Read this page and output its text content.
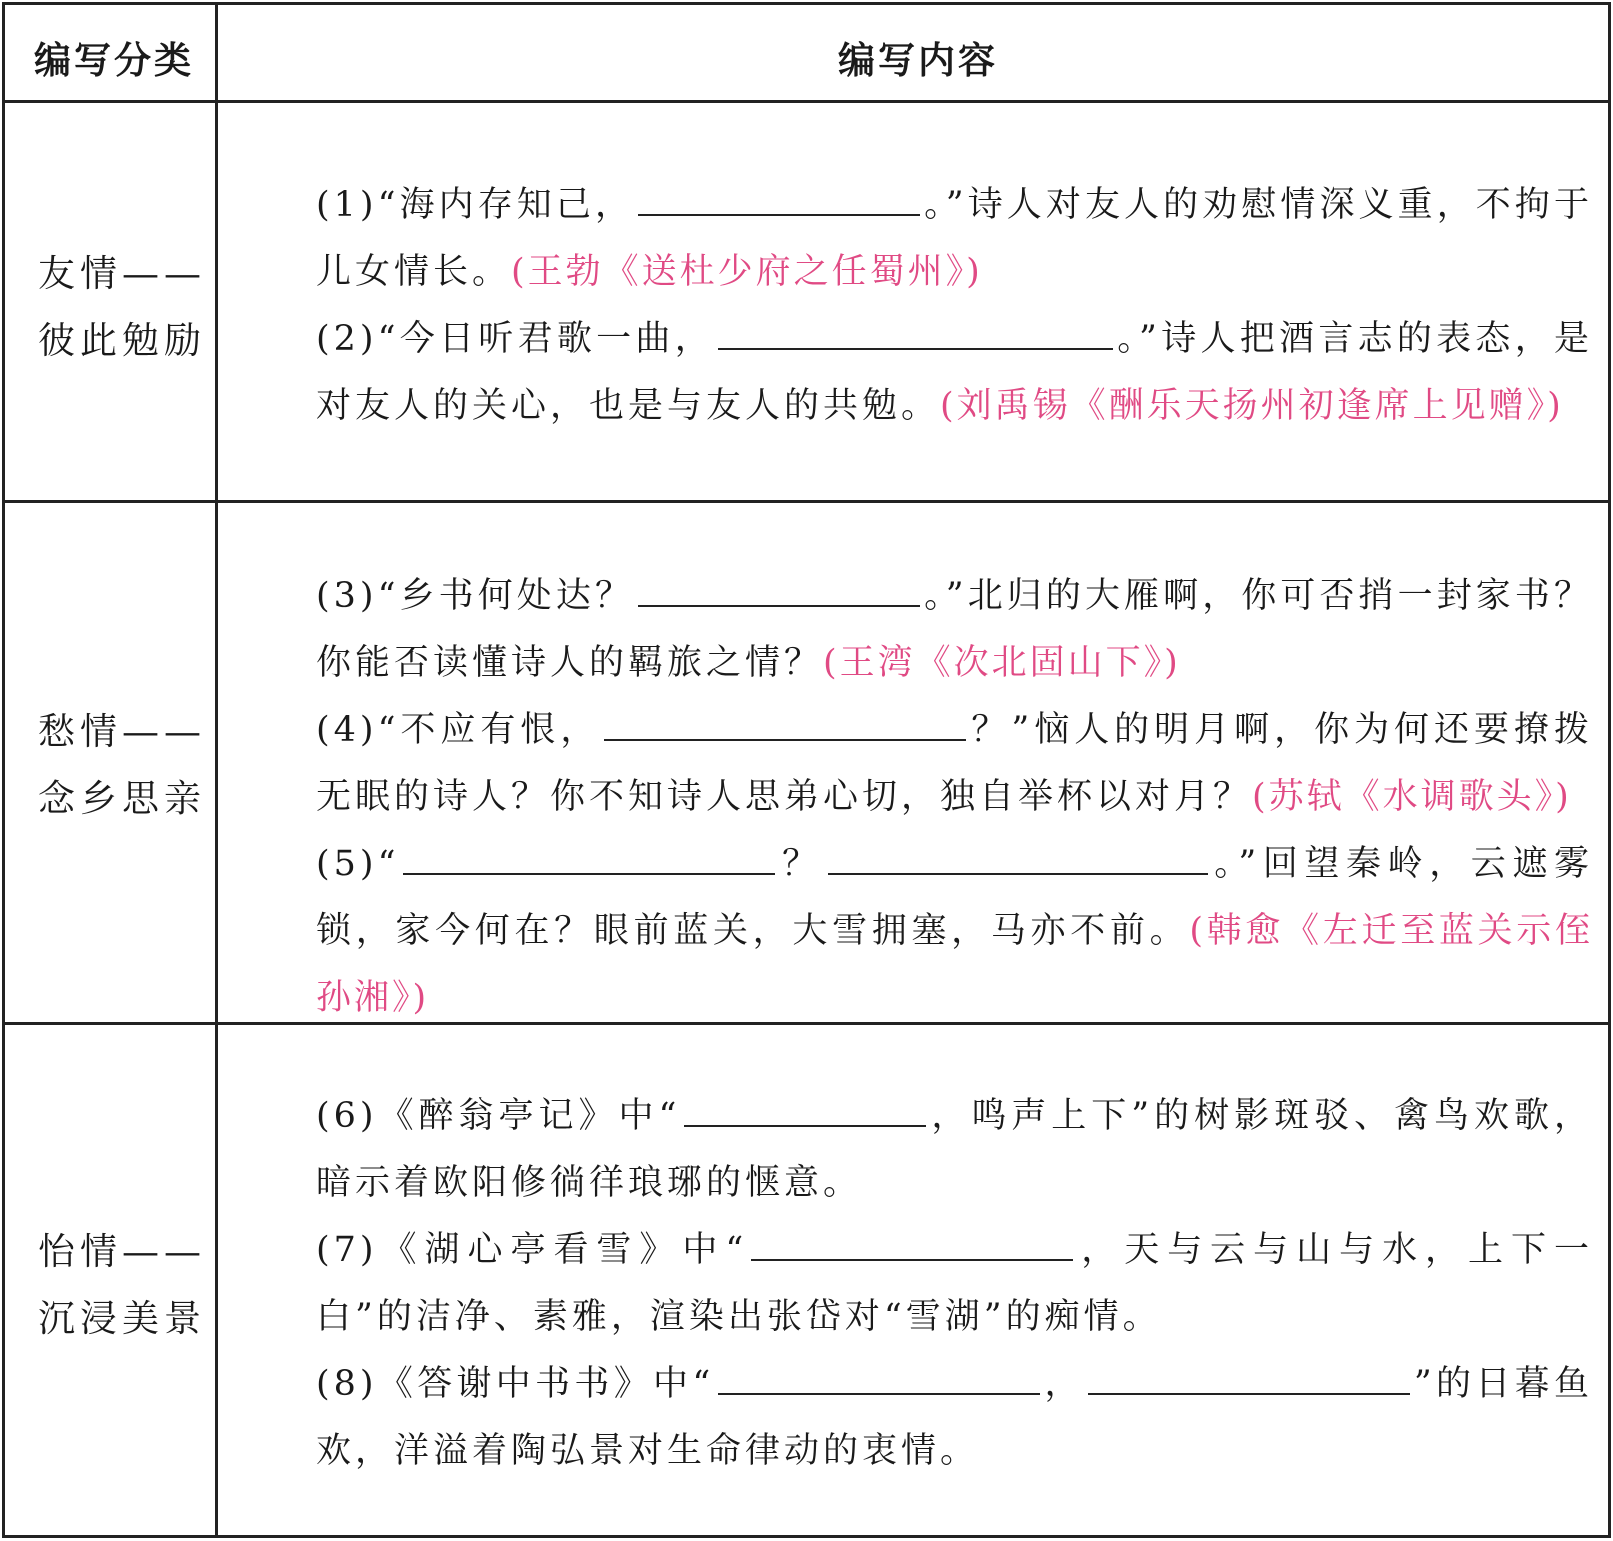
编写分类	编写内容
友情——
彼此勉励

(1)“海内存知己，	。”诗人对友人的劝慰情深义重，不拘于儿女情长。(王勃《送杜少府之任蜀州》)

(2)“今日听君歌一曲，	。”诗人把酒言志的表态，是对友人的关心，也是与友人的共勉。(刘禹锡《酬乐天扬州初逢席上见赠》)

愁情——
念乡思亲

(3)“乡书何处达？	。”北归的大雁啊，你可否捎一封家书？你能否读懂诗人的羁旅之情？(王湾《次北固山下》)

(4)“不应有恨，	？”恼人的明月啊，你为何还要撩拨无眠的诗人？你不知诗人思弟心切，独自举杯以对月？(苏轼《水调歌头》)

(5)“	？	。”回望秦岭，云遮雾锁，家今何在？眼前蓝关，大雪拥塞，马亦不前。(韩愈《左迁至蓝关示侄孙湘》)

怡情——
沉浸美景

(6)《醉翁亭记》中“	，鸣声上下”的树影斑驳、禽鸟欢歌，暗示着欧阳修徜徉琅琊的惬意。

(7)《湖心亭看雪》中“	，天与云与山与水，上下一白”的洁净、素雅，渲染出张岱对“雪湖”的痴情。

(8)《答谢中书书》中“	，	”的日暮鱼欢，洋溢着陶弘景对生命律动的衷情。
